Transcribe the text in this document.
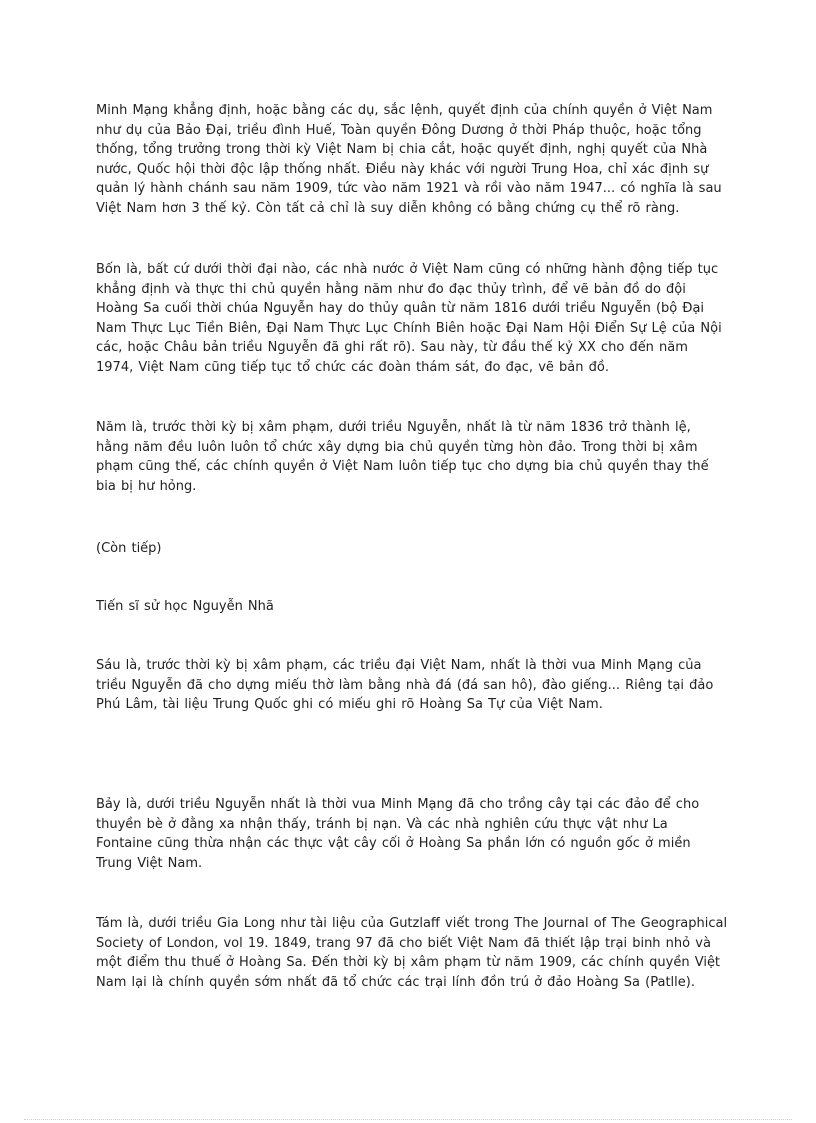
Minh Mạng khẳng định, hoặc bằng các dụ, sắc lệnh, quyết định của chính quyền ở Việt Nam như dụ của Bảo Đại, triều đình Huế, Toàn quyền Đông Dương ở thời Pháp thuộc, hoặc tổng thống, tổng trưởng trong thời kỳ Việt Nam bị chia cắt, hoặc quyết định, nghị quyết của Nhà nước, Quốc hội thời độc lập thống nhất. Điều này khác với người Trung Hoa, chỉ xác định sự quản lý hành chánh sau năm 1909, tức vào năm 1921 và rồi vào năm 1947... có nghĩa là sau Việt Nam hơn 3 thế kỷ. Còn tất cả chỉ là suy diễn không có bằng chứng cụ thể rõ ràng.

Bốn là, bất cứ dưới thời đại nào, các nhà nước ở Việt Nam cũng có những hành động tiếp tục khẳng định và thực thi chủ quyền hằng năm như đo đạc thủy trình, để vẽ bản đồ do đội Hoàng Sa cuối thời chúa Nguyễn hay do thủy quân từ năm 1816 dưới triều Nguyễn (bộ Đại Nam Thực Lục Tiền Biên, Đại Nam Thực Lục Chính Biên hoặc Đại Nam Hội Điển Sự Lệ của Nội các, hoặc Châu bản triều Nguyễn đã ghi rất rõ). Sau này, từ đầu thế kỷ XX cho đến năm 1974, Việt Nam cũng tiếp tục tổ chức các đoàn thám sát, đo đạc, vẽ bản đồ.

Năm là, trước thời kỳ bị xâm phạm, dưới triều Nguyễn, nhất là từ năm 1836 trở thành lệ, hằng năm đều luôn luôn tổ chức xây dựng bia chủ quyền từng hòn đảo. Trong thời bị xâm phạm cũng thế, các chính quyền ở Việt Nam luôn tiếp tục cho dựng bia chủ quyền thay thế bia bị hư hỏng.

(Còn tiếp)

Tiến sĩ sử học Nguyễn Nhã

Sáu là, trước thời kỳ bị xâm phạm, các triều đại Việt Nam, nhất là thời vua Minh Mạng của triều Nguyễn đã cho dựng miếu thờ làm bằng nhà đá (đá san hô), đào giếng... Riêng tại đảo Phú Lâm, tài liệu Trung Quốc ghi có miếu ghi rõ Hoàng Sa Tự của Việt Nam.

Bảy là, dưới triều Nguyễn nhất là thời vua Minh Mạng đã cho trồng cây tại các đảo để cho thuyền bè ở đằng xa nhận thấy, tránh bị nạn. Và các nhà nghiên cứu thực vật như La Fontaine cũng thừa nhận các thực vật cây cối ở Hoàng Sa phần lớn có nguồn gốc ở miền Trung Việt Nam.

Tám là, dưới triều Gia Long như tài liệu của Gutzlaff viết trong The Journal of The Geographical Society of London, vol 19. 1849, trang 97 đã cho biết Việt Nam đã thiết lập trại binh nhỏ và một điểm thu thuế ở Hoàng Sa. Đến thời kỳ bị xâm phạm từ năm 1909, các chính quyền Việt Nam lại là chính quyền sớm nhất đã tổ chức các trại lính đồn trú ở đảo Hoàng Sa (Patlle).
